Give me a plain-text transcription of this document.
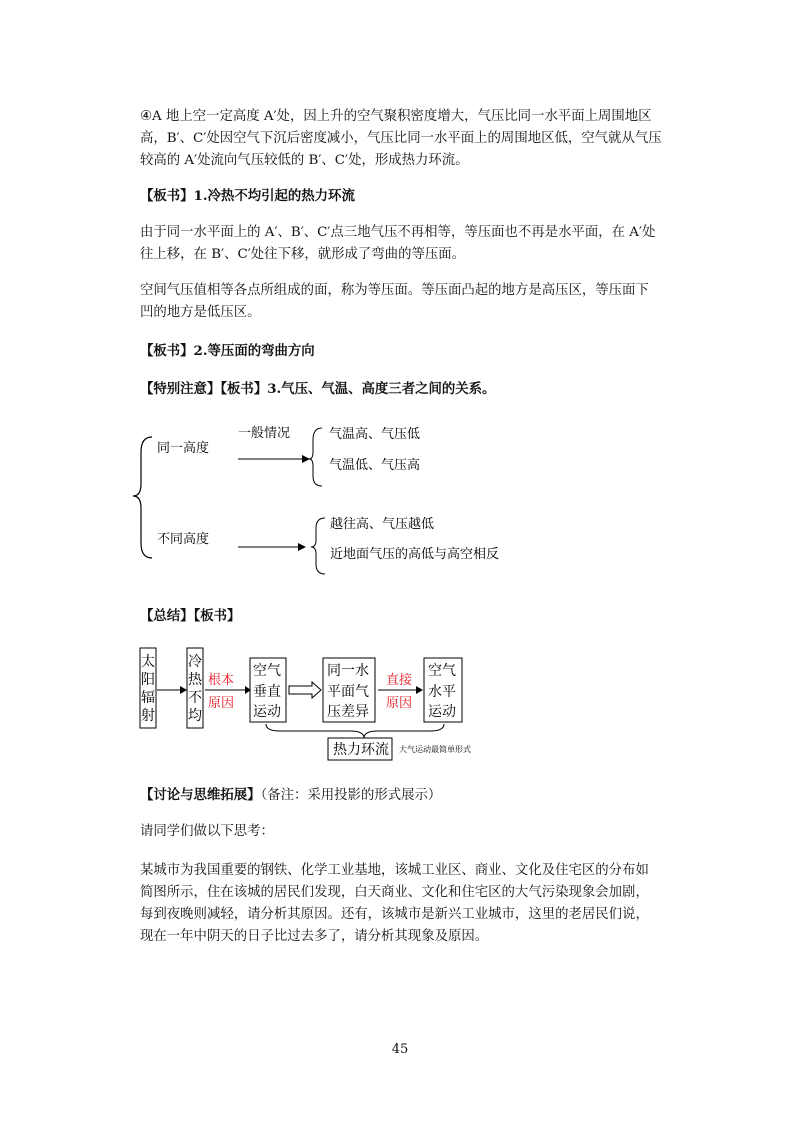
④A 地上空一定高度 A′处，因上升的空气聚积密度增大，气压比同一水平面上周围地区高，B′、C′处因空气下沉后密度减小，气压比同一水平面上的周围地区低，空气就从气压较高的 A′处流向气压较低的 B′、C′处，形成热力环流。

【板书】1.冷热不均引起的热力环流

由于同一水平面上的 A′、B′、C′点三地气压不再相等，等压面也不再是水平面，在 A′处往上移，在 B′、C′处往下移，就形成了弯曲的等压面。

空间气压值相等各点所组成的面，称为等压面。等压面凸起的地方是高压区，等压面下凹的地方是低压区。

【板书】2.等压面的弯曲方向

【特别注意】【板书】3.气压、气温、高度三者之间的关系。

同一高度
一般情况	气温高、气压低
气温低、气压高
不同高度
越往高、气压越低
近地面气压的高低与高空相反

【总结】【板书】

太
阳
辐
射
冷
热
不
均
根本
原因
空气
垂直
运动
同一水
平面气
压差异
直接
原因
空气
水平
运动
热力环流 大气运动最简单形式

【讨论与思维拓展】（备注：采用投影的形式展示）

请同学们做以下思考：

某城市为我国重要的钢铁、化学工业基地，该城工业区、商业、文化及住宅区的分布如简图所示，住在该城的居民们发现，白天商业、文化和住宅区的大气污染现象会加剧，每到夜晚则减轻，请分析其原因。还有，该城市是新兴工业城市，这里的老居民们说，现在一年中阴天的日子比过去多了，请分析其现象及原因。

45
